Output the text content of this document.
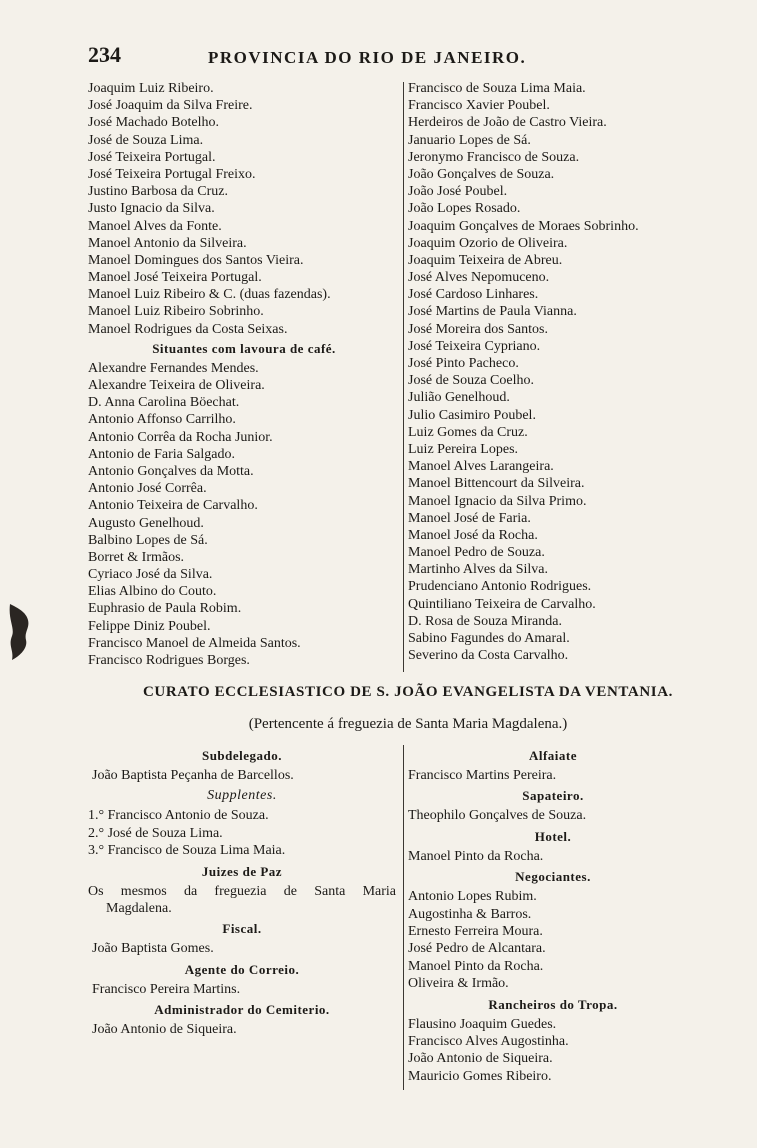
234	PROVINCIA DO RIO DE JANEIRO.
Joaquim Luiz Ribeiro.
José Joaquim da Silva Freire.
José Machado Botelho.
José de Souza Lima.
José Teixeira Portugal.
José Teixeira Portugal Freixo.
Justino Barbosa da Cruz.
Justo Ignacio da Silva.
Manoel Alves da Fonte.
Manoel Antonio da Silveira.
Manoel Domingues dos Santos Vieira.
Manoel José Teixeira Portugal.
Manoel Luiz Ribeiro & C. (duas fazendas).
Manoel Luiz Ribeiro Sobrinho.
Manoel Rodrigues da Costa Seixas.
Situantes com lavoura de café.
Alexandre Fernandes Mendes.
Alexandre Teixeira de Oliveira.
D. Anna Carolina Böechat.
Antonio Affonso Carrilho.
Antonio Corrêa da Rocha Junior.
Antonio de Faria Salgado.
Antonio Gonçalves da Motta.
Antonio José Corrêa.
Antonio Teixeira de Carvalho.
Augusto Genelhoud.
Balbino Lopes de Sá.
Borret & Irmãos.
Cyriaco José da Silva.
Elias Albino do Couto.
Euphrasio de Paula Robim.
Felippe Diniz Poubel.
Francisco Manoel de Almeida Santos.
Francisco Rodrigues Borges.
Francisco de Souza Lima Maia.
Francisco Xavier Poubel.
Herdeiros de João de Castro Vieira.
Januario Lopes de Sá.
Jeronymo Francisco de Souza.
João Gonçalves de Souza.
João José Poubel.
João Lopes Rosado.
Joaquim Gonçalves de Moraes Sobrinho.
Joaquim Ozorio de Oliveira.
Joaquim Teixeira de Abreu.
José Alves Nepomuceno.
José Cardoso Linhares.
José Martins de Paula Vianna.
José Moreira dos Santos.
José Teixeira Cypriano.
José Pinto Pacheco.
José de Souza Coelho.
Julião Genelhoud.
Julio Casimiro Poubel.
Luiz Gomes da Cruz.
Luiz Pereira Lopes.
Manoel Alves Larangeira.
Manoel Bittencourt da Silveira.
Manoel Ignacio da Silva Primo.
Manoel José de Faria.
Manoel José da Rocha.
Manoel Pedro de Souza.
Martinho Alves da Silva.
Prudenciano Antonio Rodrigues.
Quintiliano Teixeira de Carvalho.
D. Rosa de Souza Miranda.
Sabino Fagundes do Amaral.
Severino da Costa Carvalho.
CURATO ECCLESIASTICO DE S. JOÃO EVANGELISTA DA VENTANIA.
(Pertencente á freguezia de Santa Maria Magdalena.)
Subdelegado.
João Baptista Peçanha de Barcellos.
Supplentes.
1.° Francisco Antonio de Souza.
2.° José de Souza Lima.
3.° Francisco de Souza Lima Maia.
Juizes de Paz
Os mesmos da freguezia de Santa Maria
Magdalena.
Fiscal.
João Baptista Gomes.
Agente do Correio.
Francisco Pereira Martins.
Administrador do Cemiterio.
João Antonio de Siqueira.
Alfaiate
Francisco Martins Pereira.
Sapateiro.
Theophilo Gonçalves de Souza.
Hotel.
Manoel Pinto da Rocha.
Negociantes.
Antonio Lopes Rubim.
Augostinha & Barros.
Ernesto Ferreira Moura.
José Pedro de Alcantara.
Manoel Pinto da Rocha.
Oliveira & Irmão.
Rancheiros do Tropa.
Flausino Joaquim Guedes.
Francisco Alves Augostinha.
João Antonio de Siqueira.
Mauricio Gomes Ribeiro.
